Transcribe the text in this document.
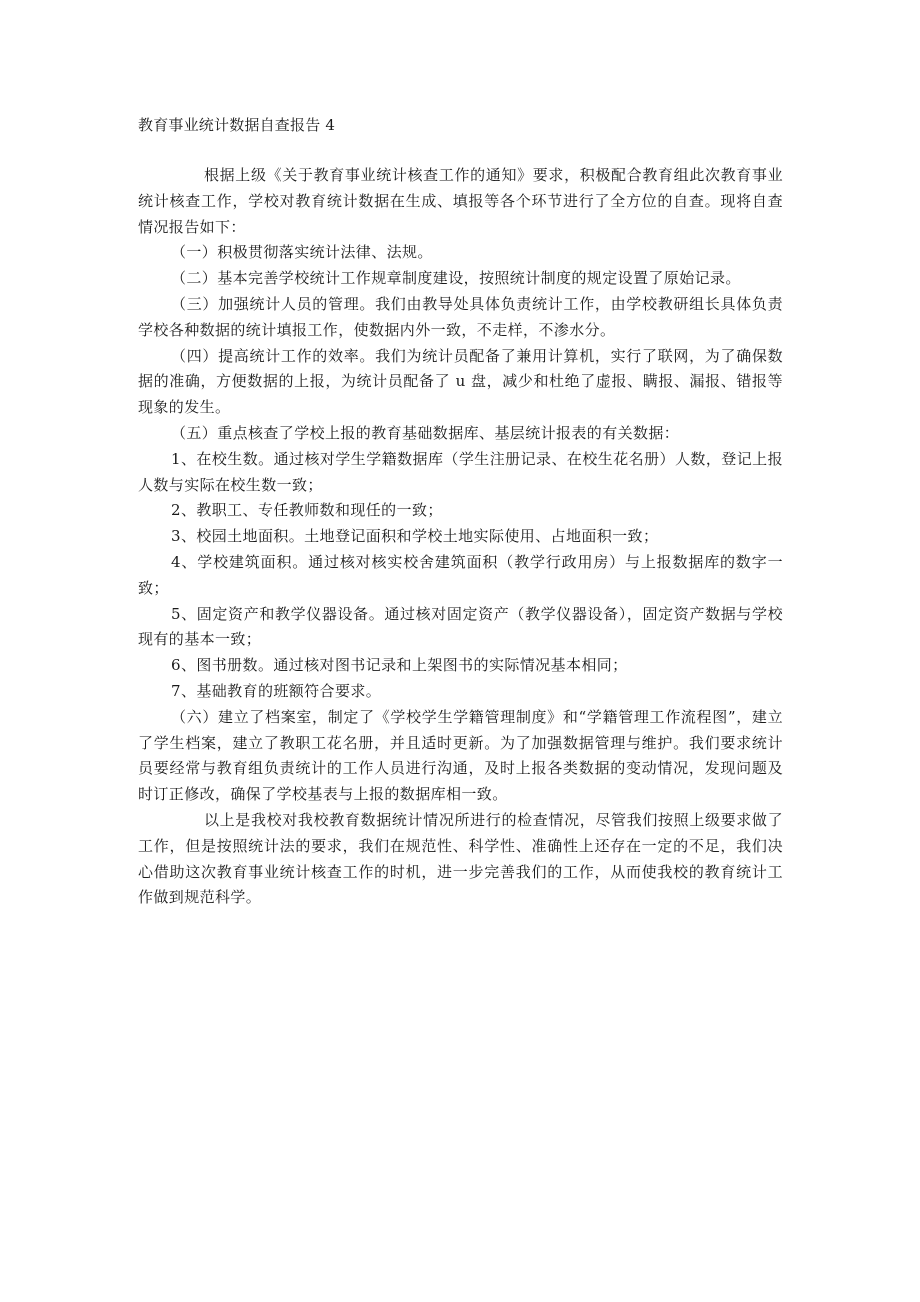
教育事业统计数据自查报告 4

根据上级《关于教育事业统计核查工作的通知》要求，积极配合教育组此次教育事业统计核查工作，学校对教育统计数据在生成、填报等各个环节进行了全方位的自查。现将自查情况报告如下：

（一）积极贯彻落实统计法律、法规。

（二）基本完善学校统计工作规章制度建设，按照统计制度的规定设置了原始记录。

（三）加强统计人员的管理。我们由教导处具体负责统计工作，由学校教研组长具体负责学校各种数据的统计填报工作，使数据内外一致，不走样，不渗水分。

（四）提高统计工作的效率。我们为统计员配备了兼用计算机，实行了联网，为了确保数据的准确，方便数据的上报，为统计员配备了 u 盘，减少和杜绝了虚报、瞒报、漏报、错报等现象的发生。

（五）重点核查了学校上报的教育基础数据库、基层统计报表的有关数据：

1、在校生数。通过核对学生学籍数据库（学生注册记录、在校生花名册）人数，登记上报人数与实际在校生数一致；

2、教职工、专任教师数和现任的一致；

3、校园土地面积。土地登记面积和学校土地实际使用、占地面积一致；

4、学校建筑面积。通过核对核实校舍建筑面积（教学行政用房）与上报数据库的数字一致；

5、固定资产和教学仪器设备。通过核对固定资产（教学仪器设备），固定资产数据与学校现有的基本一致；

6、图书册数。通过核对图书记录和上架图书的实际情况基本相同；

7、基础教育的班额符合要求。

（六）建立了档案室，制定了《学校学生学籍管理制度》和“学籍管理工作流程图”，建立了学生档案，建立了教职工花名册，并且适时更新。为了加强数据管理与维护。我们要求统计员要经常与教育组负责统计的工作人员进行沟通，及时上报各类数据的变动情况，发现问题及时订正修改，确保了学校基表与上报的数据库相一致。

以上是我校对我校教育数据统计情况所进行的检查情况，尽管我们按照上级要求做了工作，但是按照统计法的要求，我们在规范性、科学性、准确性上还存在一定的不足，我们决心借助这次教育事业统计核查工作的时机，进一步完善我们的工作，从而使我校的教育统计工作做到规范科学。
